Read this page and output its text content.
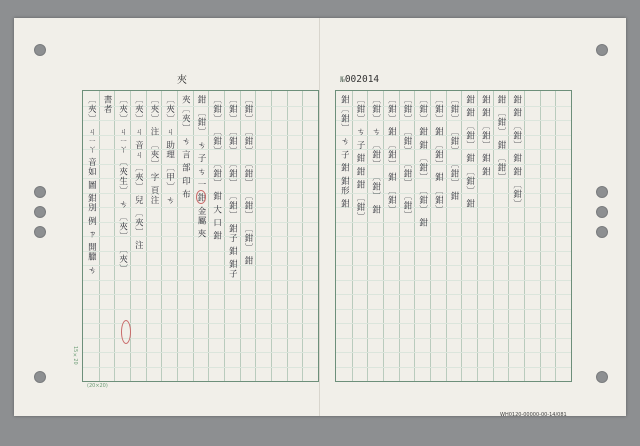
夾	№002014
〔夾〕 ㄐㄧㄚ 音如 圖 鉗別 例 ㄗ 開臘 ㄘ 書者 〔夾〕 ㄐㄧㄚ 〔夾生〕 ㄘ 〔夾〕 〔夾〕 〔夾〕 ㄐ 音ㄐ 〔夾〕 兒 〔夾〕 注 〔夾〕 注 〔夾〕 字 頁注 〔夾〕 ㄐ 助理 〔甲〕 ㄘ 夾〔夾〕 ㄘ 言 部 印 布 鉗 〔鉗〕 ㄘ 子 ㄘ 一 鉗 金屬 夾 〔鉗〕 〔鉗〕 〔鉗〕 鉗 大 口 鉗 〔鉗〕 〔鉗〕 〔鉗〕 〔鉗〕 鉗子 鉗 鉗子 〔鉗〕 〔鉗〕 〔鉗〕 〔鉗〕 〔鉗〕 鉗	鉗〔鉗〕 ㄘ 子 鉗 鉗形 鉗 〔鉗〕 ㄘ 子 鉗 鉗 鉗 〔鉗〕 〔鉗〕 ㄘ 〔鉗〕 〔鉗〕 鉗 〔鉗〕 鉗 〔鉗〕 鉗 〔鉗〕 〔鉗〕 〔鉗〕 〔鉗〕 〔鉗〕 〔鉗〕 鉗 鉗 〔鉗〕 〔鉗〕 鉗 〔鉗〕 鉗 〔鉗〕 鉗 〔鉗〕 〔鉗〕 〔鉗〕 〔鉗〕 鉗 鉗 鉗 〔鉗〕 鉗 〔鉗〕 鉗 鉗 鉗 〔鉗〕 鉗 鉗 鉗 〔鉗〕 鉗 〔鉗〕 鉗 鉗 〔鉗〕 鉗 鉗 〔鉗〕
15×20
(20×20)
WH0120-00000-00-14/081
